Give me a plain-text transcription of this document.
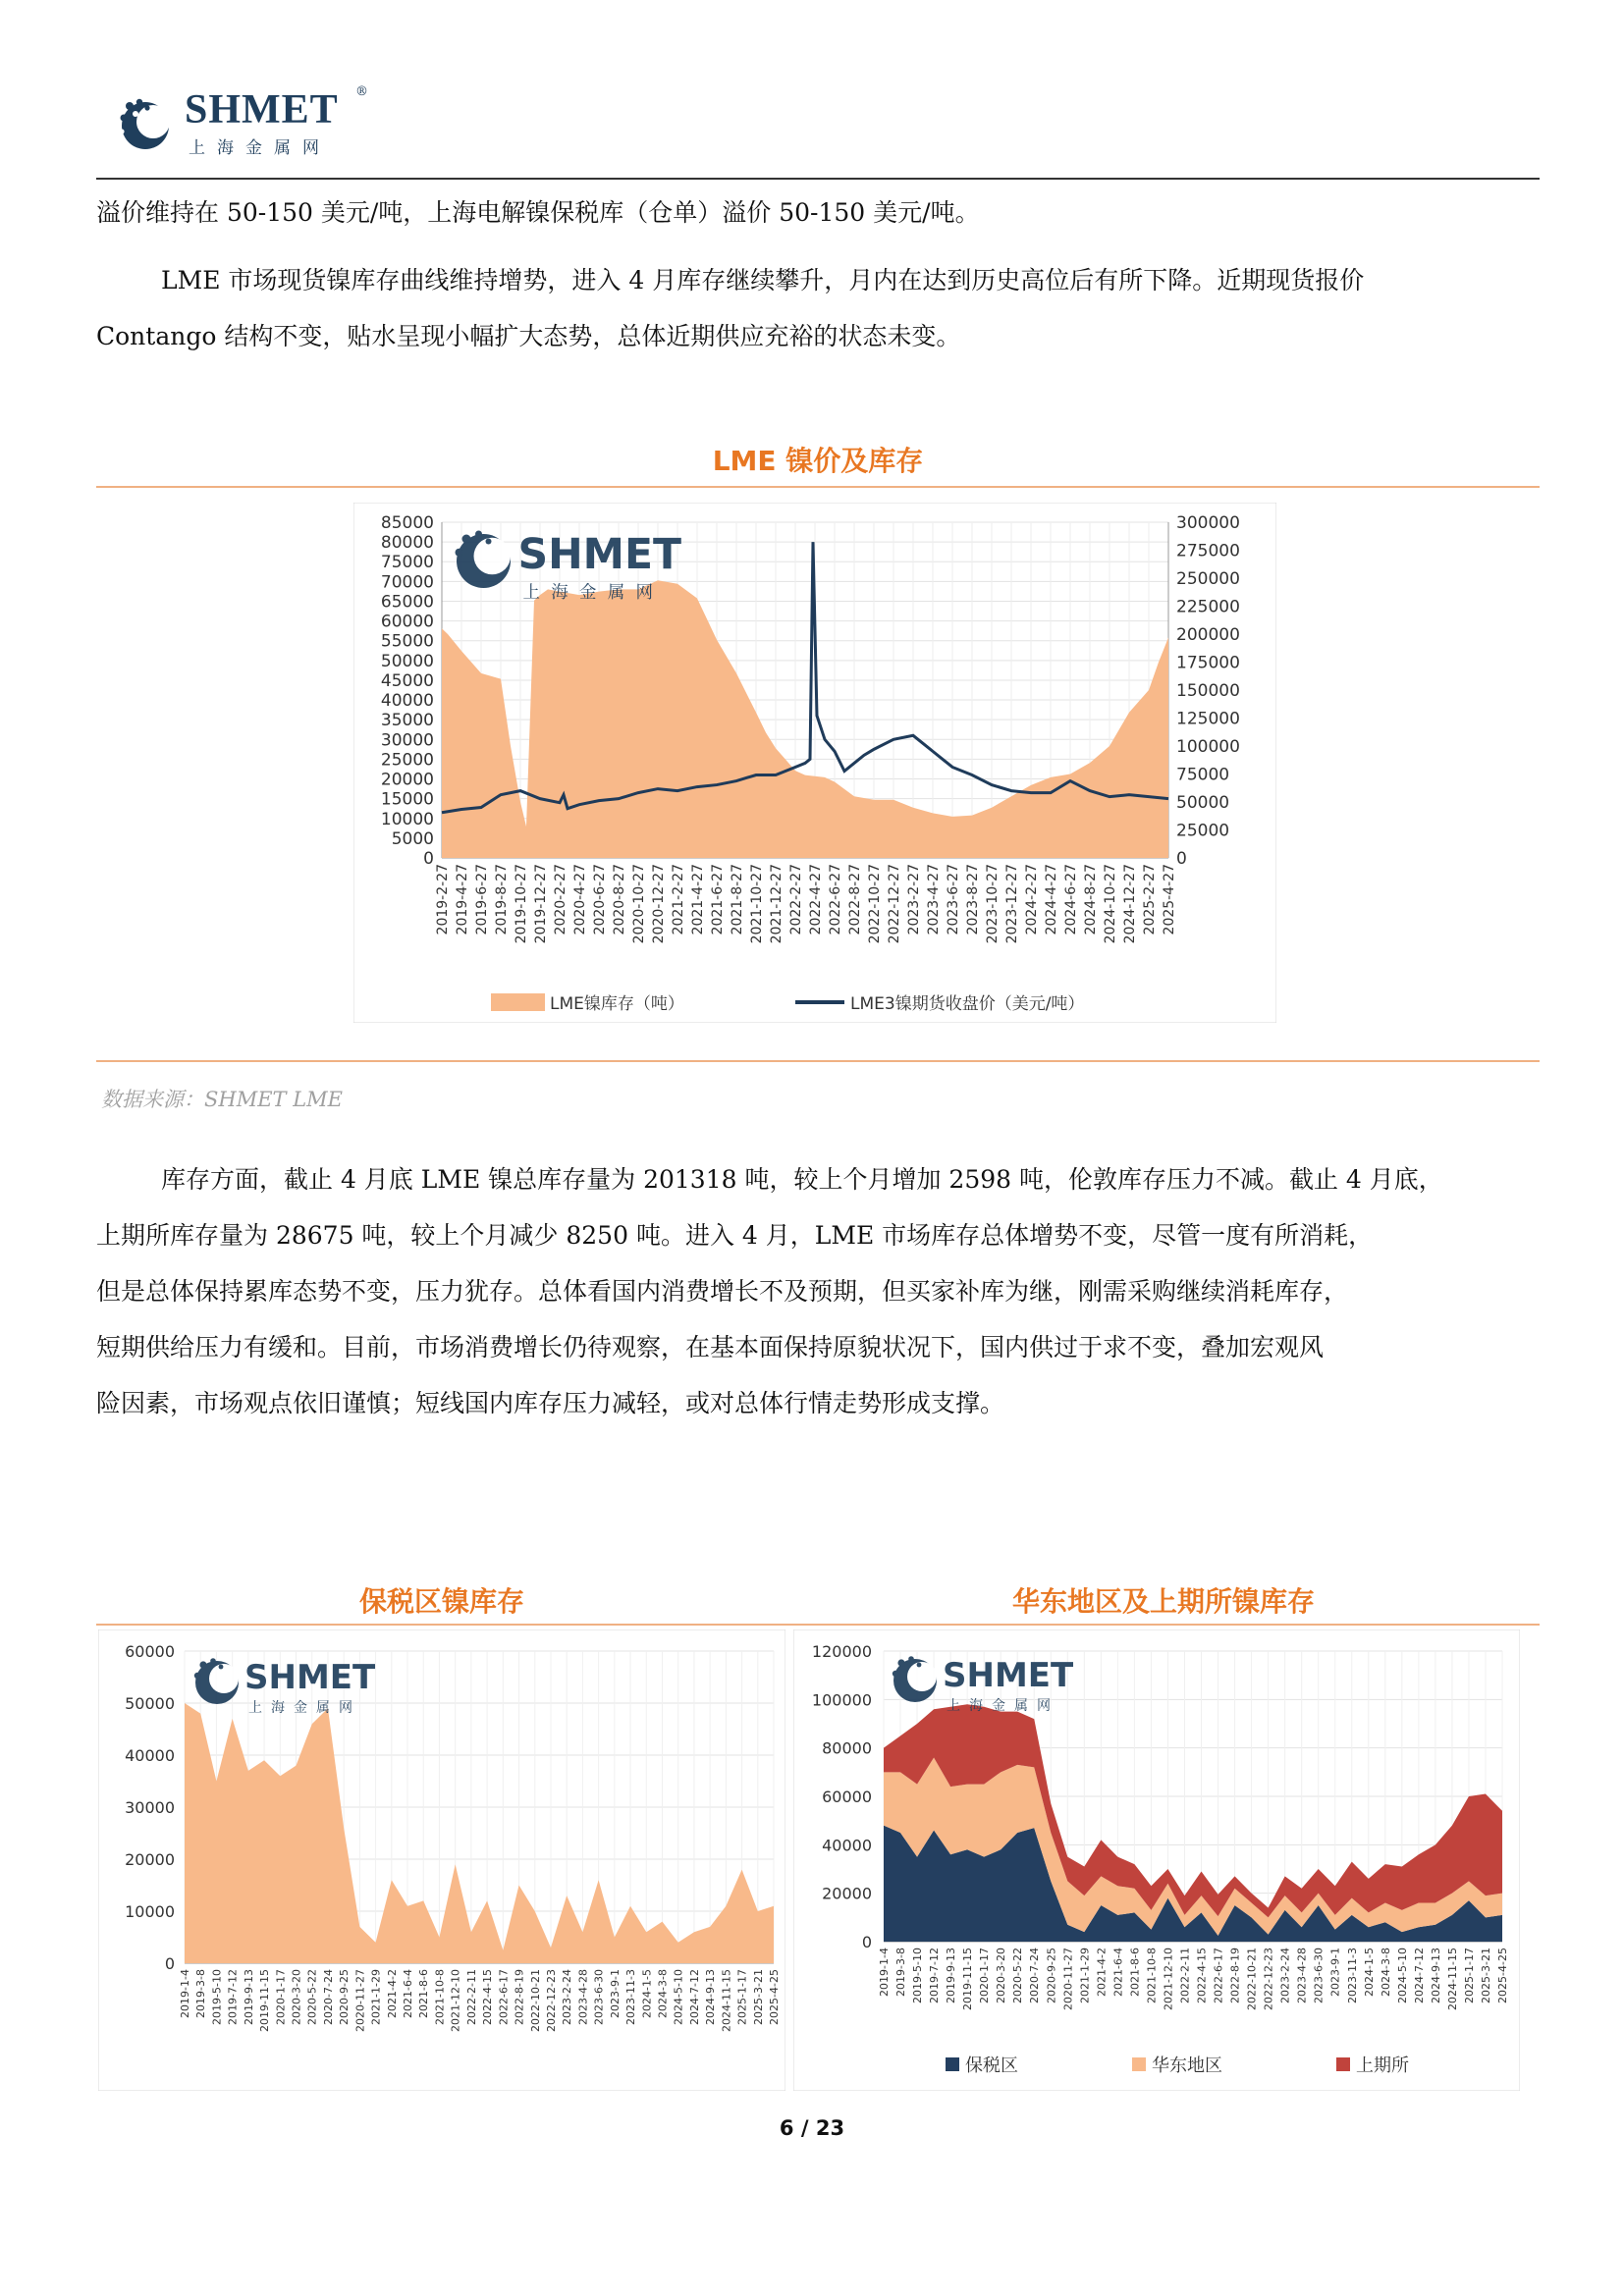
SHMET ®
上海金属网
溢价维持在 50-150 美元/吨，上海电解镍保税库（仓单）溢价 50-150 美元/吨。
LME 市场现货镍库存曲线维持增势，进入 4 月库存继续攀升，月内在达到历史高位后有所下降。近期现货报价
Contango 结构不变，贴水呈现小幅扩大态势，总体近期供应充裕的状态未变。
LME 镍价及库存
SHMET
上海金属网
85000
80000
75000
70000
65000
60000
55000
50000
45000
40000
35000
30000
25000
20000
15000
10000
5000
0
300000
275000
250000
225000
200000
175000
150000
125000
100000
75000
50000
25000
0
2019-2-27 2019-4-27 2019-6-27 2019-8-27 2019-10-27 2019-12-27 2020-2-27 2020-4-27 2020-6-27 2020-8-27 2020-10-27 2020-12-27 2021-2-27 2021-4-27 2021-6-27 2021-8-27 2021-10-27 2021-12-27 2022-2-27 2022-4-27 2022-6-27 2022-8-27 2022-10-27 2022-12-27 2023-2-27 2023-4-27 2023-6-27 2023-8-27 2023-10-27 2023-12-27 2024-2-27 2024-4-27 2024-6-27 2024-8-27 2024-10-27 2024-12-27 2025-2-27 2025-4-27
LME镍库存（吨）	LME3镍期货收盘价（美元/吨）
数据来源：SHMET LME
库存方面，截止 4 月底 LME 镍总库存量为 201318 吨，较上个月增加 2598 吨，伦敦库存压力不减。截止 4 月底，
上期所库存量为 28675 吨，较上个月减少 8250 吨。进入 4 月，LME 市场库存总体增势不变，尽管一度有所消耗，
但是总体保持累库态势不变，压力犹存。总体看国内消费增长不及预期，但买家补库为继，刚需采购继续消耗库存，
短期供给压力有缓和。目前，市场消费增长仍待观察，在基本面保持原貌状况下，国内供过于求不变，叠加宏观风
险因素，市场观点依旧谨慎；短线国内库存压力减轻，或对总体行情走势形成支撑。
保税区镍库存	华东地区及上期所镍库存
SHMET
上海金属网
60000
50000
40000
30000
20000
10000
0
2019-1-4 2019-3-8 2019-5-10 2019-7-12 2019-9-13 2019-11-15 2020-1-17 2020-3-20 2020-5-22 2020-7-24 2020-9-25 2020-11-27 2021-1-29 2021-4-2 2021-6-4 2021-8-6 2021-10-8 2021-12-10 2022-2-11 2022-4-15 2022-6-17 2022-8-19 2022-10-21 2022-12-23 2023-2-24 2023-4-28 2023-6-30 2023-9-1 2023-11-3 2024-1-5 2024-3-8 2024-5-10 2024-7-12 2024-9-13 2024-11-15 2025-1-17 2025-3-21 2025-4-25
SHMET
上海金属网
120000
100000
80000
60000
40000
20000
0
2019-1-4 2019-3-8 2019-5-10 2019-7-12 2019-9-13 2019-11-15 2020-1-17 2020-3-20 2020-5-22 2020-7-24 2020-9-25 2020-11-27 2021-1-29 2021-4-2 2021-6-4 2021-8-6 2021-10-8 2021-12-10 2022-2-11 2022-4-15 2022-6-17 2022-8-19 2022-10-21 2022-12-23 2023-2-24 2023-4-28 2023-6-30 2023-9-1 2023-11-3 2024-1-5 2024-3-8 2024-5-10 2024-7-12 2024-9-13 2024-11-15 2025-1-17 2025-3-21 2025-4-25
保税区	华东地区	上期所
6 / 23
